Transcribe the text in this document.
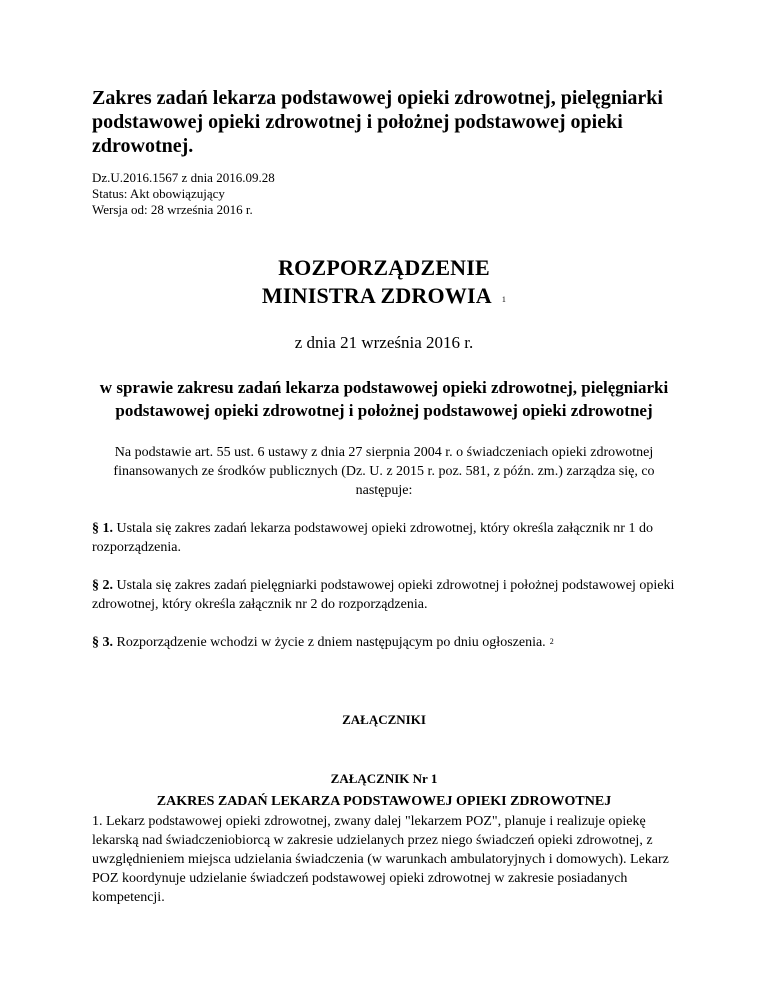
Zakres zadań lekarza podstawowej opieki zdrowotnej, pielęgniarki podstawowej opieki zdrowotnej i położnej podstawowej opieki zdrowotnej.
Dz.U.2016.1567 z dnia 2016.09.28
Status: Akt obowiązujący
Wersja od: 28 września 2016 r.
ROZPORZĄDZENIE
MINISTRA ZDROWIA $^1$
z dnia 21 września 2016 r.
w sprawie zakresu zadań lekarza podstawowej opieki zdrowotnej, pielęgniarki podstawowej opieki zdrowotnej i położnej podstawowej opieki zdrowotnej
Na podstawie art. 55 ust. 6 ustawy z dnia 27 sierpnia 2004 r. o świadczeniach opieki zdrowotnej finansowanych ze środków publicznych (Dz. U. z 2015 r. poz. 581, z późn. zm.) zarządza się, co następuje:
§ 1. Ustala się zakres zadań lekarza podstawowej opieki zdrowotnej, który określa załącznik nr 1 do rozporządzenia.
§ 2. Ustala się zakres zadań pielęgniarki podstawowej opieki zdrowotnej i położnej podstawowej opieki zdrowotnej, który określa załącznik nr 2 do rozporządzenia.
§ 3. Rozporządzenie wchodzi w życie z dniem następującym po dniu ogłoszenia. $^2$
ZAŁĄCZNIKI
ZAŁĄCZNIK Nr 1
ZAKRES ZADAŃ LEKARZA PODSTAWOWEJ OPIEKI ZDROWOTNEJ
1. Lekarz podstawowej opieki zdrowotnej, zwany dalej "lekarzem POZ", planuje i realizuje opiekę lekarską nad świadczeniobiorcą w zakresie udzielanych przez niego świadczeń opieki zdrowotnej, z uwzględnieniem miejsca udzielania świadczenia (w warunkach ambulatoryjnych i domowych). Lekarz POZ koordynuje udzielanie świadczeń podstawowej opieki zdrowotnej w zakresie posiadanych kompetencji.
